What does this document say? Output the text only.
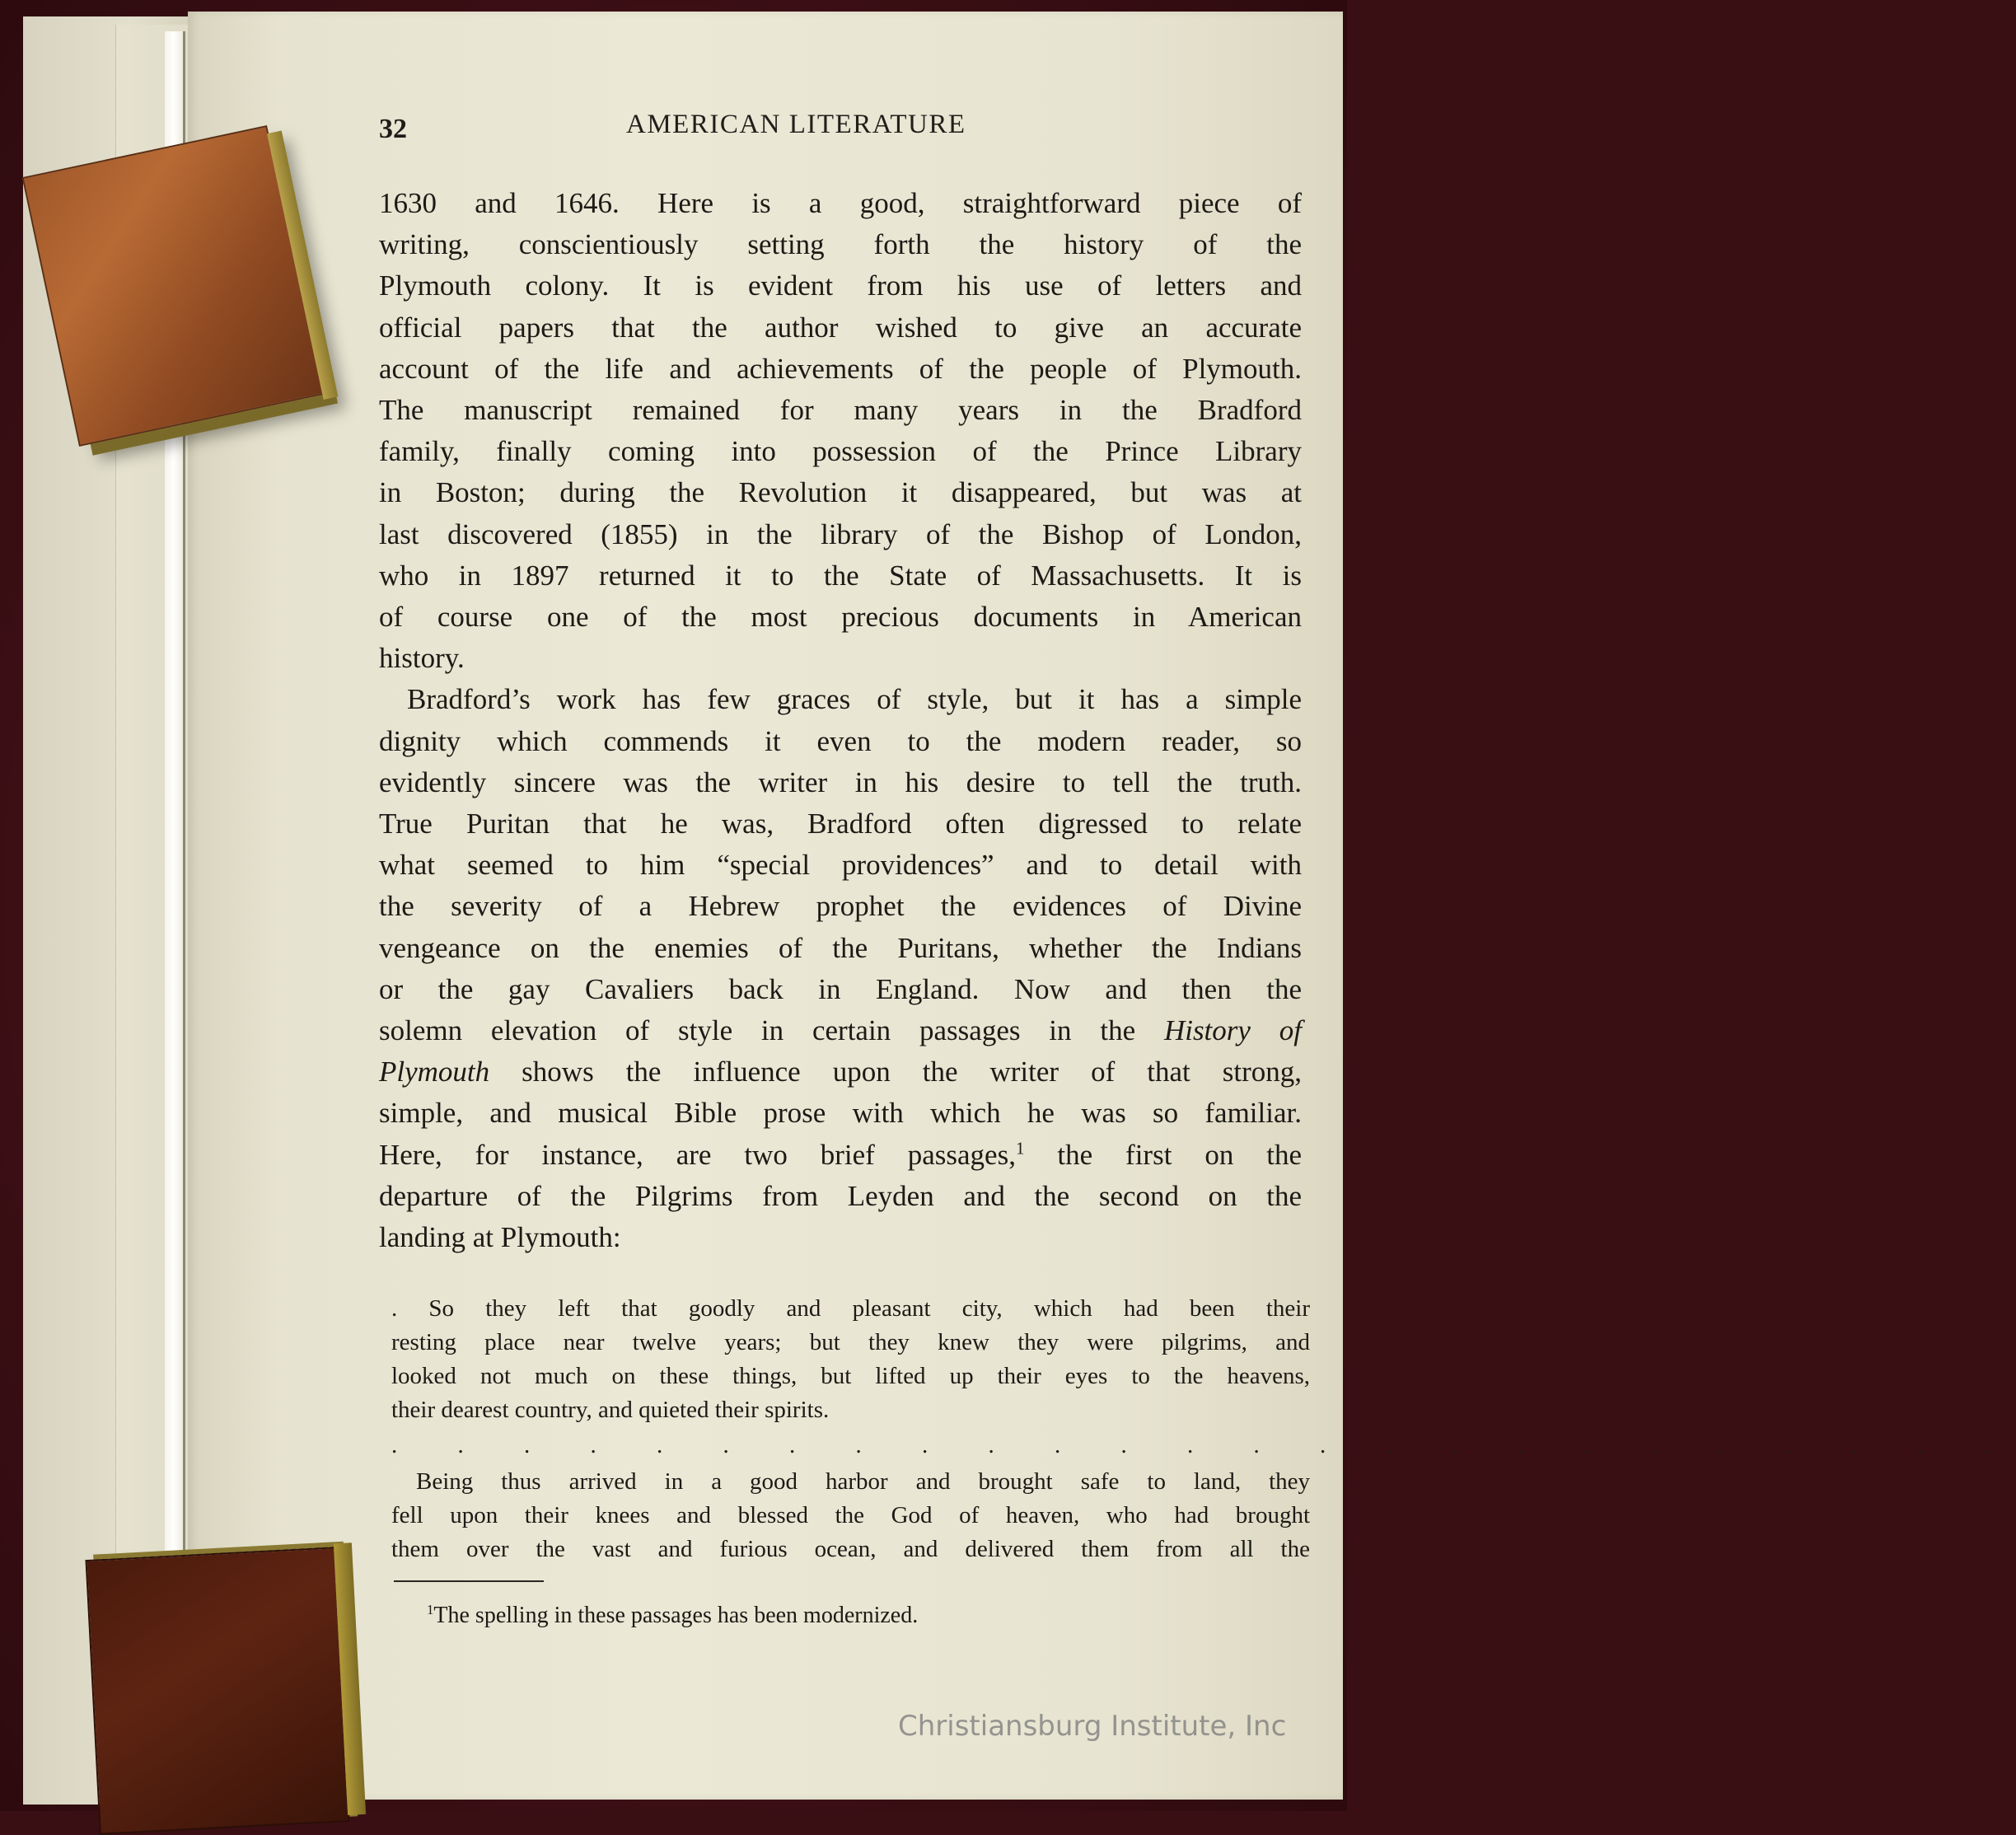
32	AMERICAN LITERATURE
1630 and 1646. Here is a good, straightforward piece of
writing, conscientiously setting forth the history of the
Plymouth colony. It is evident from his use of letters and
official papers that the author wished to give an accurate
account of the life and achievements of the people of Plymouth.
The manuscript remained for many years in the Bradford
family, finally coming into possession of the Prince Library
in Boston; during the Revolution it disappeared, but was at
last discovered (1855) in the library of the Bishop of London,
who in 1897 returned it to the State of Massachusetts. It is
of course one of the most precious documents in American
history.
Bradford’s work has few graces of style, but it has a simple
dignity which commends it even to the modern reader, so
evidently sincere was the writer in his desire to tell the truth.
True Puritan that he was, Bradford often digressed to relate
what seemed to him “special providences” and to detail with
the severity of a Hebrew prophet the evidences of Divine
vengeance on the enemies of the Puritans, whether the Indians
or the gay Cavaliers back in England. Now and then the
solemn elevation of style in certain passages in the History of
Plymouth shows the influence upon the writer of that strong,
simple, and musical Bible prose with which he was so familiar.
Here, for instance, are two brief passages,$^1$ the first on the
departure of the Pilgrims from Leyden and the second on the
landing at Plymouth:
. So they left that goodly and pleasant city, which had been their
resting place near twelve years; but they knew they were pilgrims, and
looked not much on these things, but lifted up their eyes to the heavens,
their dearest country, and quieted their spirits.
. . . . . . . . . . . . . . . . . . . . . . . . .
Being thus arrived in a good harbor and brought safe to land, they
fell upon their knees and blessed the God of heaven, who had brought
them over the vast and furious ocean, and delivered them from all the
$^1$The spelling in these passages has been modernized.
Christiansburg Institute, Inc
